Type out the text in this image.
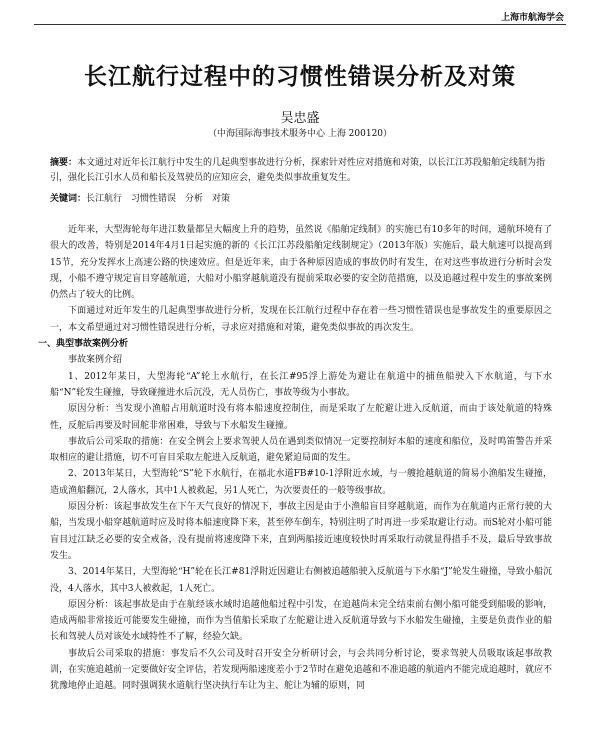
上海市航海学会
长江航行过程中的习惯性错误分析及对策
吴忠盛
（中海国际海事技术服务中心 上海 200120）
摘要：本文通过对近年长江航行中发生的几起典型事故进行分析，探索针对性应对措施和对策，以长江江苏段船舶定线制为指引，强化长江引水人员和船长及驾驶员的应知应会，避免类似事故重复发生。
关键词：长江航行　习惯性错误　分析　对策

近年来，大型海轮每年进江数量都呈大幅度上升的趋势，虽然说《船舶定线制》的实施已有10多年的时间，通航环境有了很大的改善，特别是2014年4月1日起实施的新的《长江江苏段船舶定线制规定》（2013年版）实施后，最大航速可以提高到15节，充分发挥水上高速公路的快速效应。但是近年来，由于各种原因造成的事故仍时有发生，在对这些事故进行分析时会发现，小船不遵守规定盲目穿越航道，大船对小船穿越航道没有提前采取必要的安全防范措施，以及追越过程中发生的事故案例仍然占了较大的比例。

下面通过对近年发生的几起典型事故进行分析，发现在长江航行过程中存在着一些习惯性错误也是事故发生的重要原因之一，本文希望通过对习惯性错误进行分析，寻求应对措施和对策，避免类似事故的再次发生。

一、典型事故案例分析

事故案例介绍

1、2012年某日，大型海轮“A”轮上水航行，在长江#95浮上游处为避让在航道中的捕鱼船驶入下水航道，与下水船“N”轮发生碰撞，导致碰撞进水后沉没，无人员伤亡，事故等级为小事故。

原因分析：当发现小渔船占用航道时没有将本船速度控制住，而是采取了左舵避让进入反航道，而由于该处航道的特殊性，反舵后再要及时回舵非常困难，导致与下水船发生碰撞。

事故后公司采取的措施：在安全例会上要求驾驶人员在遇到类似情况一定要控制好本船的速度和船位，及时鸣笛警告并采取相应的避让措施，切不可盲目采取左舵进入反航道，避免紧迫局面的发生。

2、2013年某日，大型海轮“S”轮下水航行，在福北水道FB#10-1浮附近水域，与一艘抢越航道的简易小渔船发生碰撞，造成渔船翻沉，2人落水，其中1人被救起，另1人死亡，为次要责任的一般等级事故。

原因分析：该起事故发生在下午天气良好的情况下，事故主因是由于小渔船盲目穿越航道，而作为在航道内正常行驶的大船，当发现小船穿越航道时应及时将本船速度降下来，甚至停车倒车，特别注明了时再进一步采取避让行动。而S轮对小船可能盲目过江缺乏必要的安全戒备，没有提前将速度降下来，直到两船接近速度较快时再采取行动就显得措手不及，最后导致事故发生。

3、2014年某日，大型海轮“H”轮在长江#81浮附近因避让右侧被追越船驶入反航道与下水船“J”轮发生碰撞，导致小船沉没，4人落水，其中3人被救起，1人死亡。

原因分析：该起事故是由于在航经该水域时追越他船过程中引发，在追越尚未完全结束前右侧小船可能受到船吸的影响，造成两船非常接近可能要发生碰撞，而作为当值船长采取了左舵避让进入反航道导致与下水船发生碰撞，主要是负责作业的船长和驾驶人员对该处水域特性不了解，经验欠缺。

事故后公司采取的措施：事发后不久公司及时召开安全分析研讨会，与会共同分析讨论，要求驾驶人员吸取该起事故教训，在实施追越前一定要做好安全评估，若发现两船速度差小于2节时在避免追越和不准追越的航道内不能完成追越时，就应不犹豫地停止追越。同时强调狭水道航行坚决执行车让为主、舵让为辅的原则，同
